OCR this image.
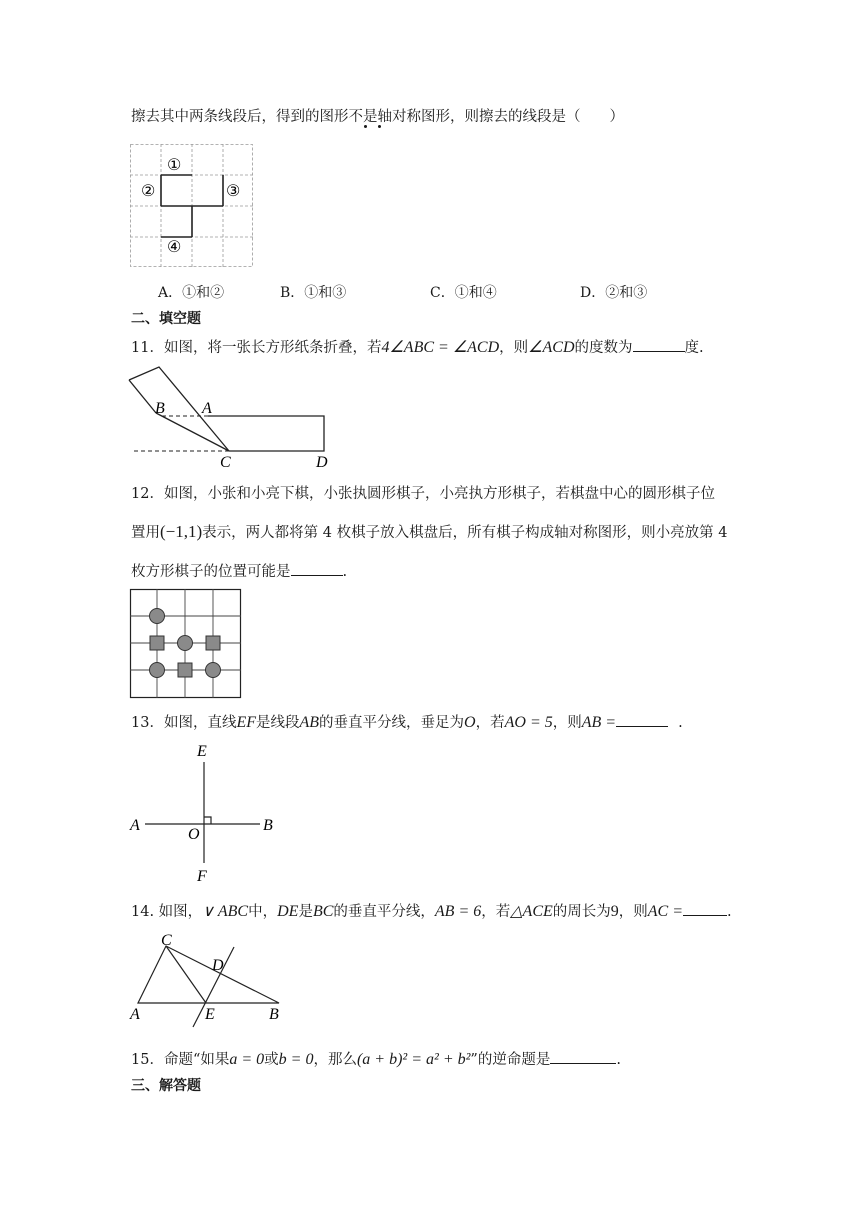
擦去其中两条线段后，得到的图形不是轴对称图形，则擦去的线段是（　　）
①
②	③
④
A．①和②	B．①和③	C．①和④	D．②和③
二、填空题
11．如图，将一张长方形纸条折叠，若4∠ABC = ∠ACD，则∠ACD的度数为	度.
B A
C	D
12．如图，小张和小亮下棋，小张执圆形棋子，小亮执方形棋子，若棋盘中心的圆形棋子位
置用(−1,1)表示，两人都将第 4 枚棋子放入棋盘后，所有棋子构成轴对称图形，则小亮放第 4
枚方形棋子的位置可能是	.
13．如图，直线EF是线段AB的垂直平分线，垂足为O，若AO = 5，则AB =	.
E
A
O
B
F
14. 如图，∨ ABC中，DE是BC的垂直平分线，AB = 6，若△ACE的周长为9，则AC =	.
C
D
A	E	B
15．命题“如果a = 0或b = 0，那么(a + b)² = a² + b²”的逆命题是	.
三、解答题
